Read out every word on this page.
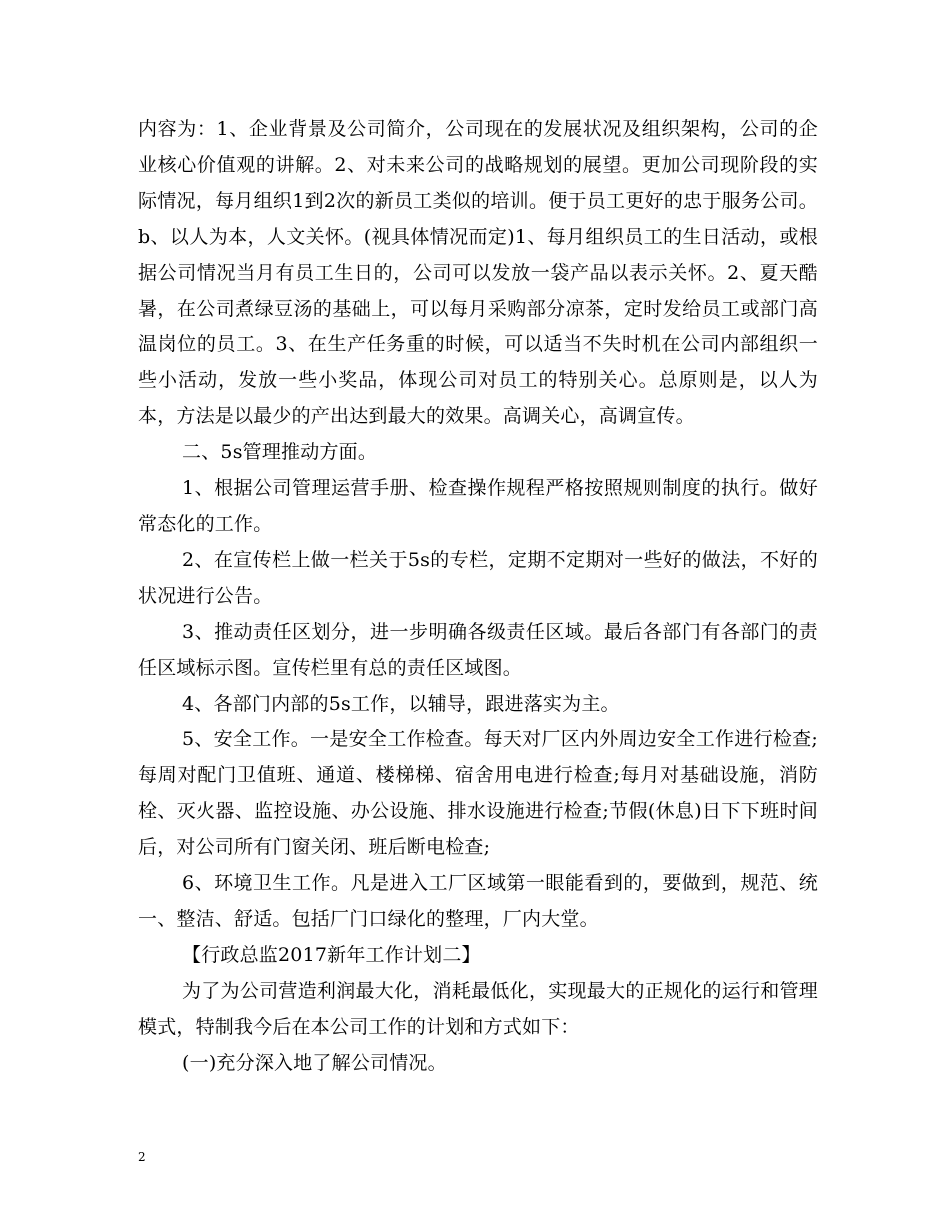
内容为：1、企业背景及公司简介，公司现在的发展状况及组织架构，公司的企业核心价值观的讲解。2、对未来公司的战略规划的展望。更加公司现阶段的实际情况，每月组织1到2次的新员工类似的培训。便于员工更好的忠于服务公司。b、以人为本，人文关怀。(视具体情况而定)1、每月组织员工的生日活动，或根据公司情况当月有员工生日的，公司可以发放一袋产品以表示关怀。2、夏天酷暑，在公司煮绿豆汤的基础上，可以每月采购部分凉茶，定时发给员工或部门高温岗位的员工。3、在生产任务重的时候，可以适当不失时机在公司内部组织一些小活动，发放一些小奖品，体现公司对员工的特别关心。总原则是，以人为本，方法是以最少的产出达到最大的效果。高调关心，高调宣传。

二、5s管理推动方面。

1、根据公司管理运营手册、检查操作规程严格按照规则制度的执行。做好常态化的工作。

2、在宣传栏上做一栏关于5s的专栏，定期不定期对一些好的做法，不好的状况进行公告。

3、推动责任区划分，进一步明确各级责任区域。最后各部门有各部门的责任区域标示图。宣传栏里有总的责任区域图。

4、各部门内部的5s工作，以辅导，跟进落实为主。

5、安全工作。一是安全工作检查。每天对厂区内外周边安全工作进行检查;每周对配门卫值班、通道、楼梯梯、宿舍用电进行检查;每月对基础设施，消防栓、灭火器、监控设施、办公设施、排水设施进行检查;节假(休息)日下下班时间后，对公司所有门窗关闭、班后断电检查;

6、环境卫生工作。凡是进入工厂区域第一眼能看到的，要做到，规范、统一、整洁、舒适。包括厂门口绿化的整理，厂内大堂。

【行政总监2017新年工作计划二】

为了为公司营造利润最大化，消耗最低化，实现最大的正规化的运行和管理模式，特制我今后在本公司工作的计划和方式如下：

(一)充分深入地了解公司情况。

2
